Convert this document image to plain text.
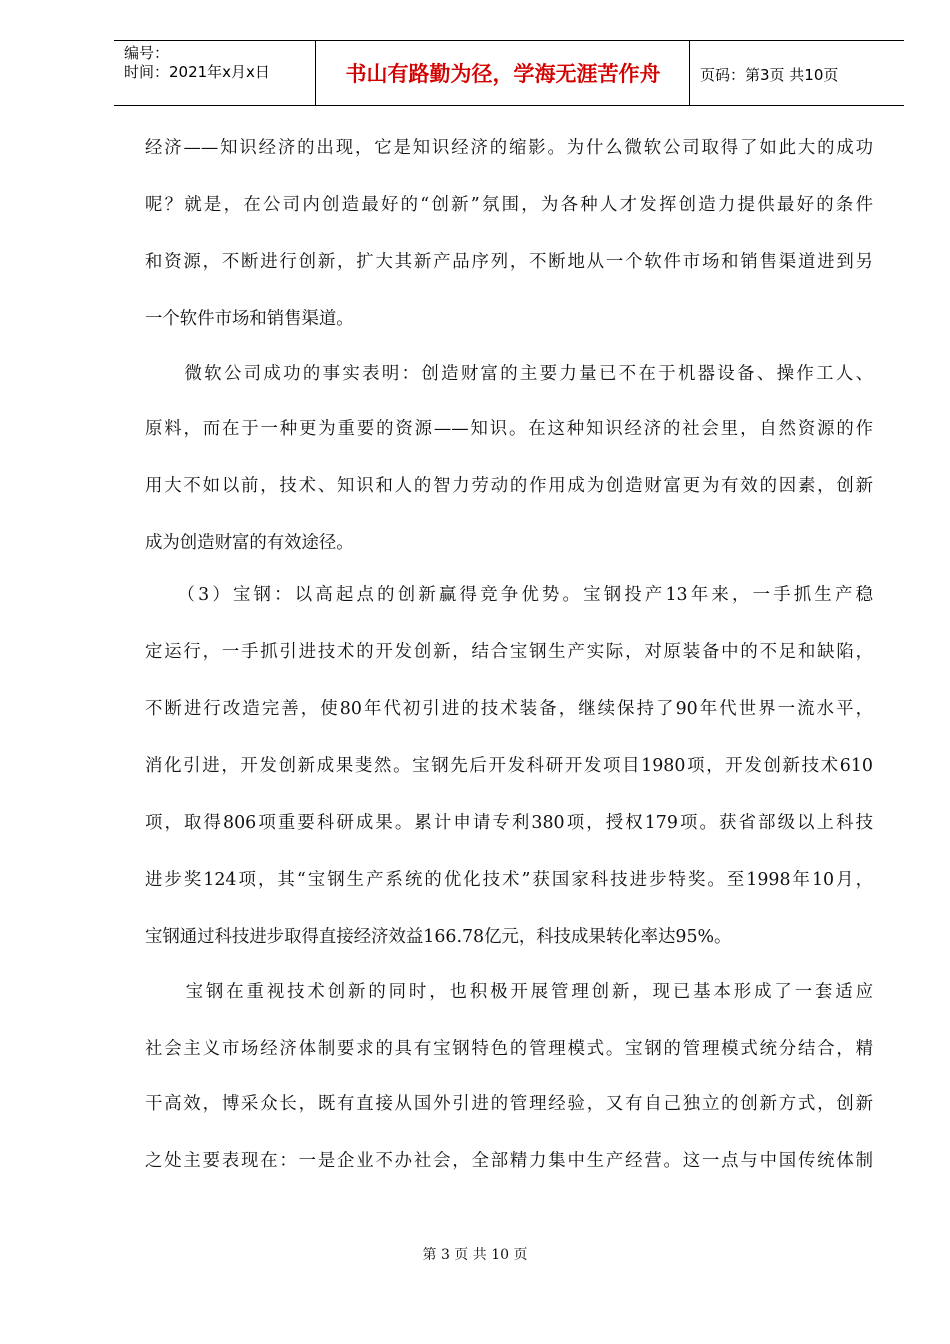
编号：
时间：2021年x月x日	书山有路勤为径，学海无涯苦作舟	页码：第3页 共10页
经济——知识经济的出现，它是知识经济的缩影。为什么微软公司取得了如此大的成功
呢？就是，在公司内创造最好的“创新”氛围，为各种人才发挥创造力提供最好的条件
和资源，不断进行创新，扩大其新产品序列，不断地从一个软件市场和销售渠道进到另
一个软件市场和销售渠道。
　　微软公司成功的事实表明：创造财富的主要力量已不在于机器设备、操作工人、
原料，而在于一种更为重要的资源——知识。在这种知识经济的社会里，自然资源的作
用大不如以前，技术、知识和人的智力劳动的作用成为创造财富更为有效的因素，创新
成为创造财富的有效途径。
　　（3）宝钢：以高起点的创新赢得竞争优势。宝钢投产13年来，一手抓生产稳
定运行，一手抓引进技术的开发创新，结合宝钢生产实际，对原装备中的不足和缺陷，
不断进行改造完善，使80年代初引进的技术装备，继续保持了90年代世界一流水平，
消化引进，开发创新成果斐然。宝钢先后开发科研开发项目1980项，开发创新技术610
项，取得806项重要科研成果。累计申请专利380项，授权179项。获省部级以上科技
进步奖124项，其“宝钢生产系统的优化技术”获国家科技进步特奖。至1998年10月，
宝钢通过科技进步取得直接经济效益166.78亿元，科技成果转化率达95%。
　　宝钢在重视技术创新的同时，也积极开展管理创新，现已基本形成了一套适应
社会主义市场经济体制要求的具有宝钢特色的管理模式。宝钢的管理模式统分结合，精
干高效，博采众长，既有直接从国外引进的管理经验，又有自己独立的创新方式，创新
之处主要表现在：一是企业不办社会，全部精力集中生产经营。这一点与中国传统体制
第 3 页 共 10 页
